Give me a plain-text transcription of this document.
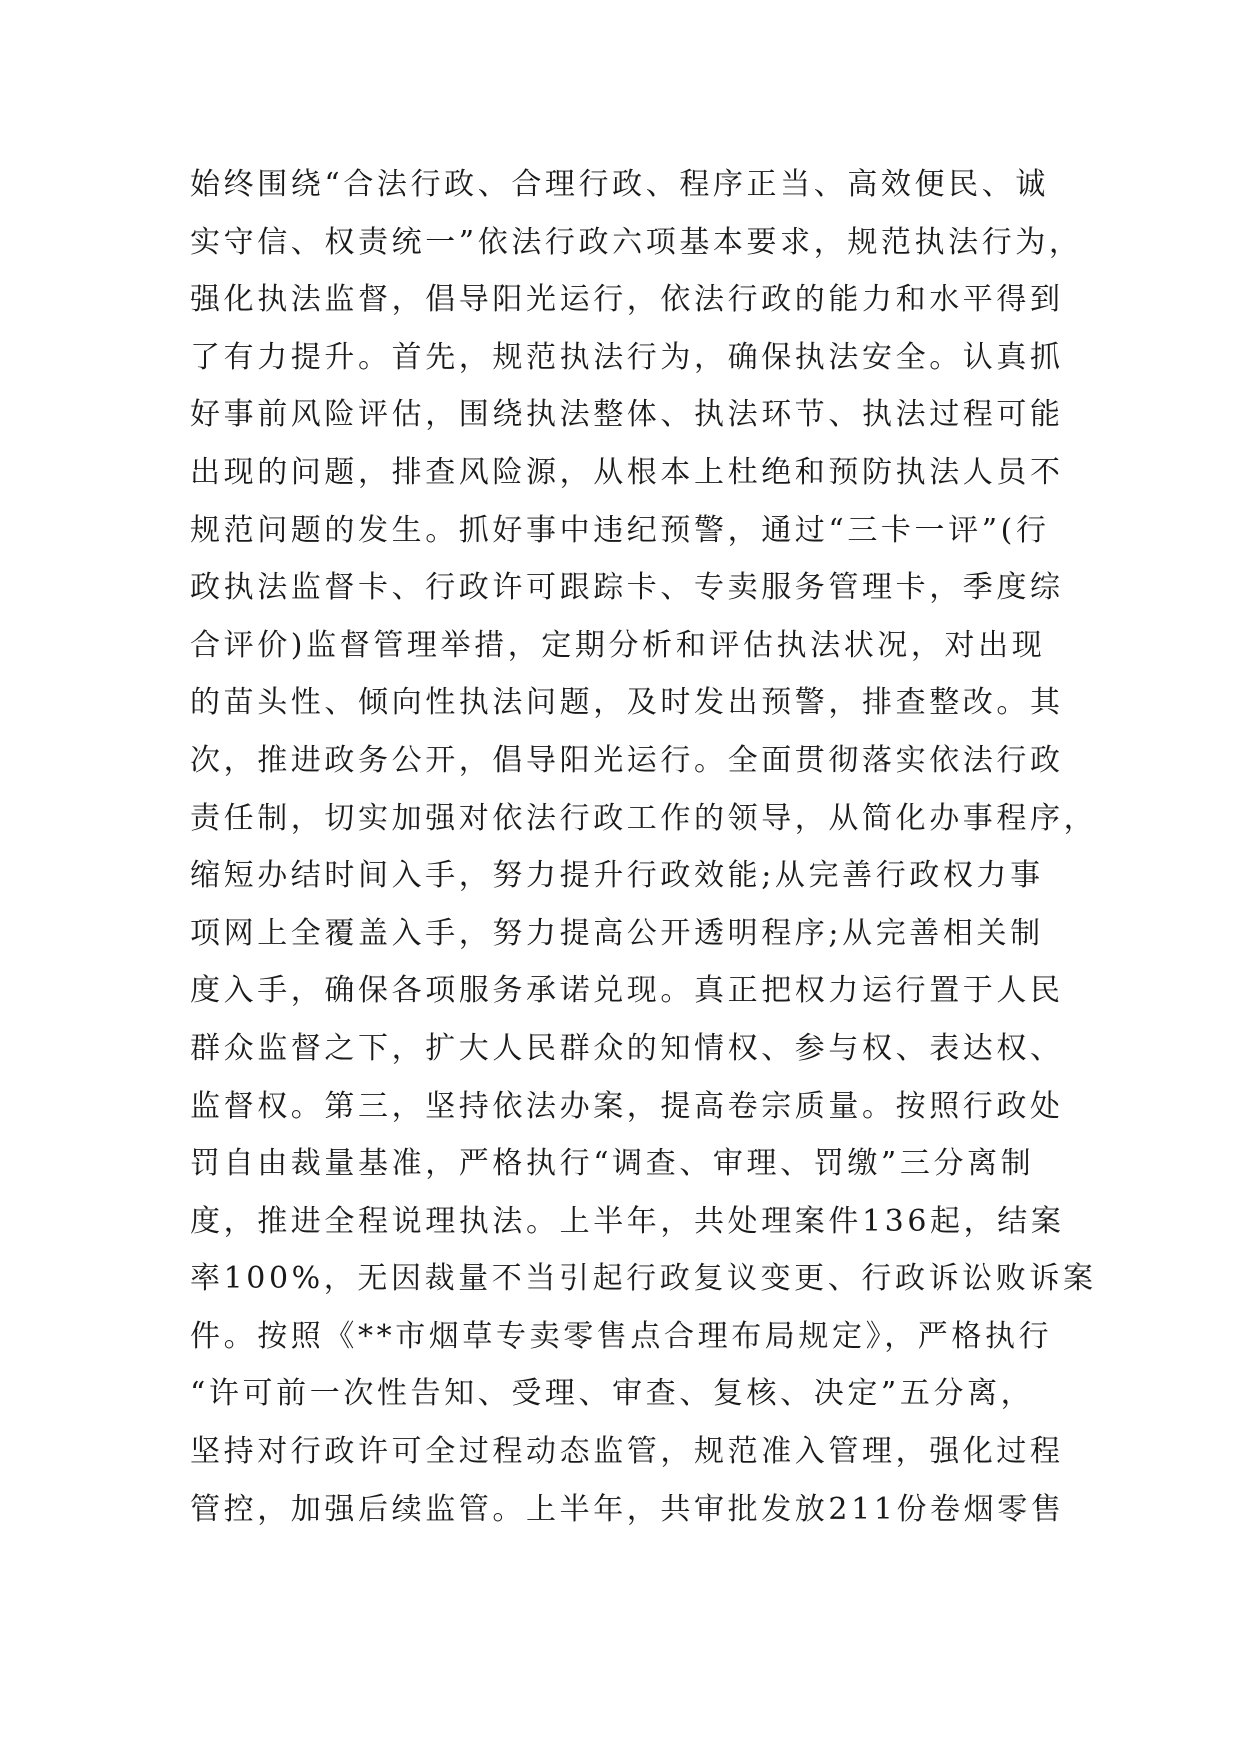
始终围绕“合法行政、合理行政、程序正当、高效便民、诚
实守信、权责统一”依法行政六项基本要求，规范执法行为，
强化执法监督，倡导阳光运行，依法行政的能力和水平得到
了有力提升。首先，规范执法行为，确保执法安全。认真抓
好事前风险评估，围绕执法整体、执法环节、执法过程可能
出现的问题，排查风险源，从根本上杜绝和预防执法人员不
规范问题的发生。抓好事中违纪预警，通过“三卡一评”(行
政执法监督卡、行政许可跟踪卡、专卖服务管理卡，季度综
合评价)监督管理举措，定期分析和评估执法状况，对出现
的苗头性、倾向性执法问题，及时发出预警，排查整改。其
次，推进政务公开，倡导阳光运行。全面贯彻落实依法行政
责任制，切实加强对依法行政工作的领导，从简化办事程序，
缩短办结时间入手，努力提升行政效能;从完善行政权力事
项网上全覆盖入手，努力提高公开透明程序;从完善相关制
度入手，确保各项服务承诺兑现。真正把权力运行置于人民
群众监督之下，扩大人民群众的知情权、参与权、表达权、
监督权。第三，坚持依法办案，提高卷宗质量。按照行政处
罚自由裁量基准，严格执行“调查、审理、罚缴”三分离制
度，推进全程说理执法。上半年，共处理案件136起，结案
率100%，无因裁量不当引起行政复议变更、行政诉讼败诉案
件。按照《**市烟草专卖零售点合理布局规定》，严格执行
“许可前一次性告知、受理、审查、复核、决定”五分离，
坚持对行政许可全过程动态监管，规范准入管理，强化过程
管控，加强后续监管。上半年，共审批发放211份卷烟零售
